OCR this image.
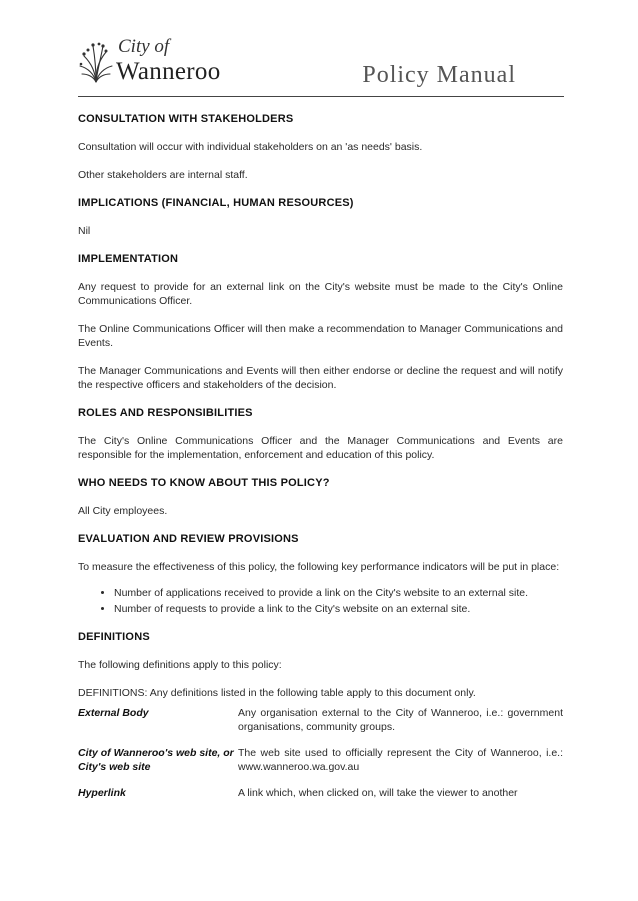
City of
Wanneroo	Policy Manual
CONSULTATION WITH STAKEHOLDERS

Consultation will occur with individual stakeholders on an 'as needs' basis.

Other stakeholders are internal staff.

IMPLICATIONS (FINANCIAL, HUMAN RESOURCES)

Nil

IMPLEMENTATION

Any request to provide for an external link on the City's website must be made to the City's Online Communications Officer.

The Online Communications Officer will then make a recommendation to Manager Communications and Events.

The Manager Communications and Events will then either endorse or decline the request and will notify the respective officers and stakeholders of the decision.

ROLES AND RESPONSIBILITIES

The City's Online Communications Officer and the Manager Communications and Events are responsible for the implementation, enforcement and education of this policy.

WHO NEEDS TO KNOW ABOUT THIS POLICY?

All City employees.

EVALUATION AND REVIEW PROVISIONS

To measure the effectiveness of this policy, the following key performance indicators will be put in place:

• Number of applications received to provide a link on the City's website to an external site.
• Number of requests to provide a link to the City's website on an external site.
DEFINITIONS

The following definitions apply to this policy:

DEFINITIONS: Any definitions listed in the following table apply to this document only.

External Body	Any organisation external to the City of Wanneroo, i.e.: government organisations, community groups.
City of Wanneroo's web site, or City's web site	The web site used to officially represent the City of Wanneroo, i.e.: www.wanneroo.wa.gov.au
Hyperlink	A link which, when clicked on, will take the viewer to another
